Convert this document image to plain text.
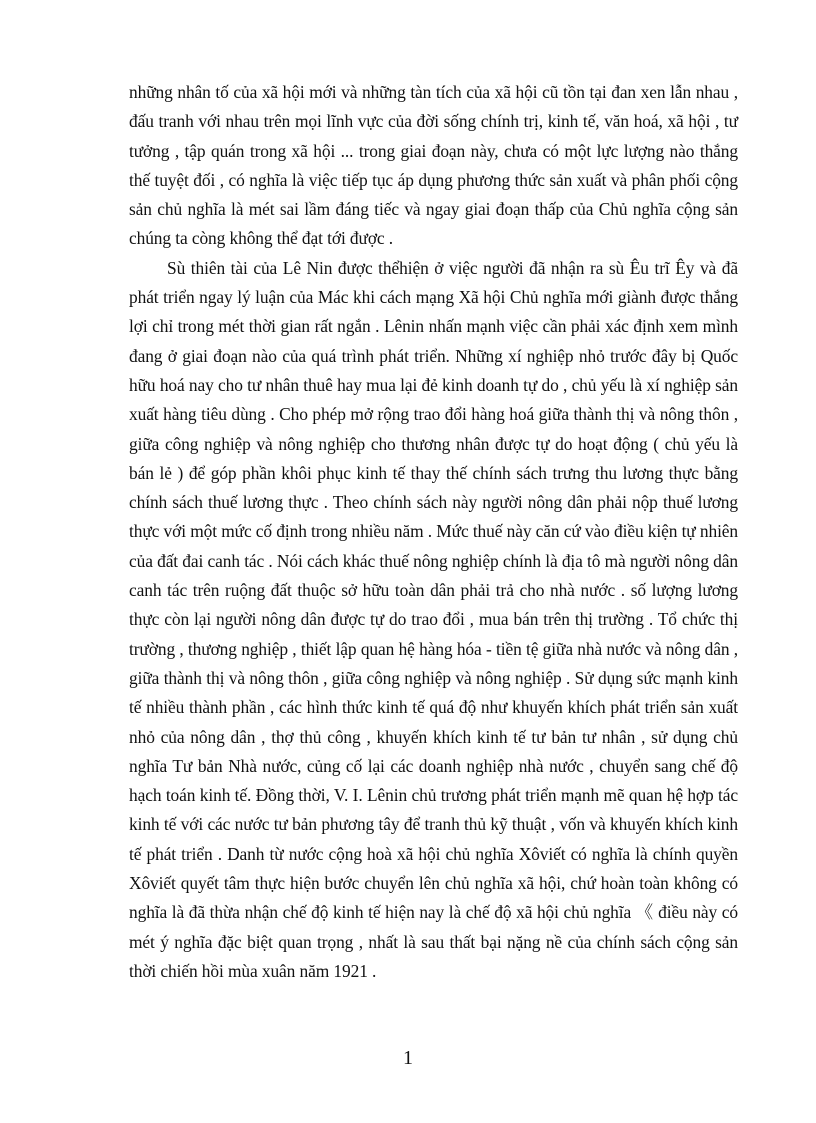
những nhân tố của xã hội mới và những tàn tích của xã hội cũ tồn tại đan xen lẫn nhau , đấu tranh với nhau trên mọi lĩnh vực của đời sống chính trị, kinh tế, văn hoá, xã hội , tư tưởng , tập quán trong xã hội ... trong giai đoạn này, chưa có một lực lượng nào thắng thế tuyệt đối , có nghĩa là việc tiếp tục áp dụng phương thức sản xuất và phân phối cộng sản chủ nghĩa là mét sai lầm đáng tiếc và ngay giai đoạn thấp của Chủ nghĩa cộng sản chúng ta còng không thể đạt tới được .

Sù thiên tài của Lê Nin được thểhiện ở việc người đã nhận ra sù Êu trĩ Êy và đã phát triển ngay lý luận của Mác khi cách mạng Xã hội Chủ nghĩa mới giành được thắng lợi chỉ trong mét thời gian rất ngắn . Lênin nhấn mạnh việc cần phải xác định xem mình đang ở giai đoạn nào của quá trình phát triển. Những xí nghiệp nhỏ trước đây bị Quốc hữu hoá nay cho tư nhân thuê hay mua lại đẻ kinh doanh tự do , chủ yếu là xí nghiệp sản xuất hàng tiêu dùng . Cho phép mở rộng trao đổi hàng hoá giữa thành thị và nông thôn , giữa công nghiệp và nông nghiệp cho thương nhân được tự do hoạt động ( chủ yếu là bán lẻ ) để góp phần khôi phục kinh tế thay thế chính sách trưng thu lương thực bằng chính sách thuế lương thực . Theo chính sách này người nông dân phải nộp thuế lương thực với một mức cố định trong nhiều năm . Mức thuế này căn cứ vào điều kiện tự nhiên của đất đai canh tác . Nói cách khác thuế nông nghiệp chính là địa tô mà người nông dân canh tác trên ruộng đất thuộc sở hữu toàn dân phải trả cho nhà nước . số lượng lương thực còn lại người nông dân được tự do trao đổi , mua bán trên thị trường . Tổ chức thị trường , thương nghiệp , thiết lập quan hệ hàng hóa - tiền tệ giữa nhà nước và nông dân , giữa thành thị và nông thôn , giữa công nghiệp và nông nghiệp . Sử dụng sức mạnh kinh tế nhiều thành phần , các hình thức kinh tế quá độ như khuyến khích phát triển sản xuất nhỏ của nông dân , thợ thủ công , khuyến khích kinh tế tư bản tư nhân , sử dụng chủ nghĩa Tư bản Nhà nước, củng cố lại các doanh nghiệp nhà nước , chuyển sang chế độ hạch toán kinh tế. Đồng thời, V. I. Lênin chủ trương phát triển mạnh mẽ quan hệ hợp tác kinh tế với các nước tư bản phương tây để tranh thủ kỹ thuật , vốn và khuyến khích kinh tế phát triển . Danh từ nước cộng hoà xã hội chủ nghĩa Xôviết có nghĩa là chính quyền Xôviết quyết tâm thực hiện bước chuyển lên chủ nghĩa xã hội, chứ hoàn toàn không có nghĩa là đã thừa nhận chế độ kinh tế hiện nay là chế độ xã hội chủ nghĩa 《 điều này có mét ý nghĩa đặc biệt quan trọng , nhất là sau thất bại nặng nề của chính sách cộng sản thời chiến hồi mùa xuân năm 1921 .

1
